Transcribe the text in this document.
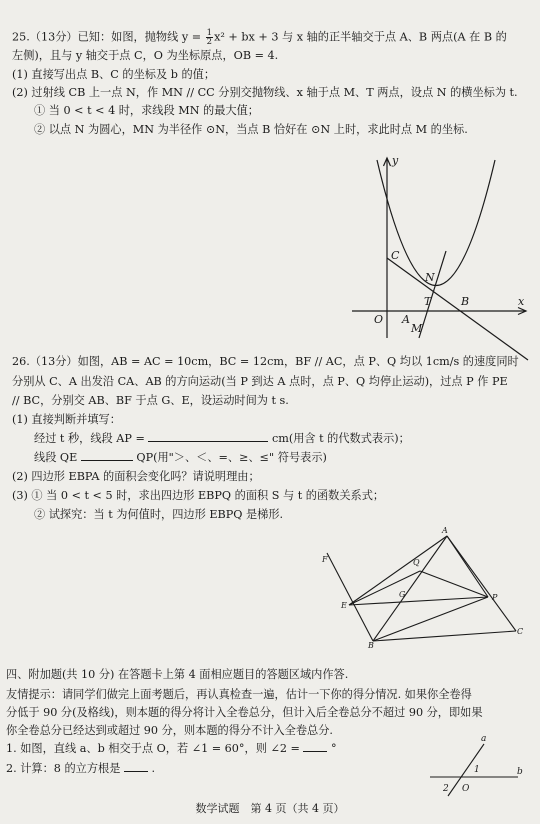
25.（13分）已知：如图，抛物线 $y = \frac{1}{2} x^2$ + bx + 3 与 x 轴的正半轴交于点 A、B 两点(A 在 B 的
左侧)，且与 y 轴交于点 C，O 为坐标原点，OB = 4.
(1) 直接写出点 B、C 的坐标及 b 的值；
(2) 过射线 CB 上一点 N，作 MN // CC 分别交抛物线、x 轴于点 M、T 两点，设点 N 的横坐标为 t.
① 当 0 < t < 4 时，求线段 MN 的最大值；
② 以点 N 为圆心，MN 为半径作 ⊙N，当点 B 恰好在 ⊙N 上时，求此时点 M 的坐标.
y
x
C
N
T	B
O A
M
26.（13分）如图，AB = AC = 10cm，BC = 12cm，BF // AC，点 P、Q 均以 1cm/s 的速度同时
分别从 C、A 出发沿 CA、AB 的方向运动(当 P 到达 A 点时，点 P、Q 均停止运动)，过点 P 作 PE
// BC，分别交 AB、BF 于点 G、E，设运动时间为 t s.
(1) 直接判断并填写：
经过 t 秒，线段 AP =	cm(用含 t 的代数式表示)；
线段 QE	QP(用"＞、＜、=、≥、≤" 符号表示)
(2) 四边形 EBPA 的面积会变化吗？请说明理由；
(3) ① 当 0 < t < 5 时，求出四边形 EBPQ 的面积 S 与 t 的函数关系式；
② 试探究：当 t 为何值时，四边形 EBPQ 是梯形.
F
A
Q
G
E
P
B
C
四、附加题(共 10 分) 在答题卡上第 4 面相应题目的答题区域内作答.
友情提示：请同学们做完上面考题后，再认真检查一遍，估计一下你的得分情况. 如果你全卷得
分低于 90 分(及格线)，则本题的得分将计入全卷总分，但计入后全卷总分不超过 90 分，即如果
你全卷总分已经达到或超过 90 分，则本题的得分不计入全卷总分.
1. 如图，直线 a、b 相交于点 O，若 ∠1 = 60°，则 ∠2 =	°
2. 计算：8 的立方根是	.
a
1	b
2 O
数学试题　第 4 页（共 4 页）
